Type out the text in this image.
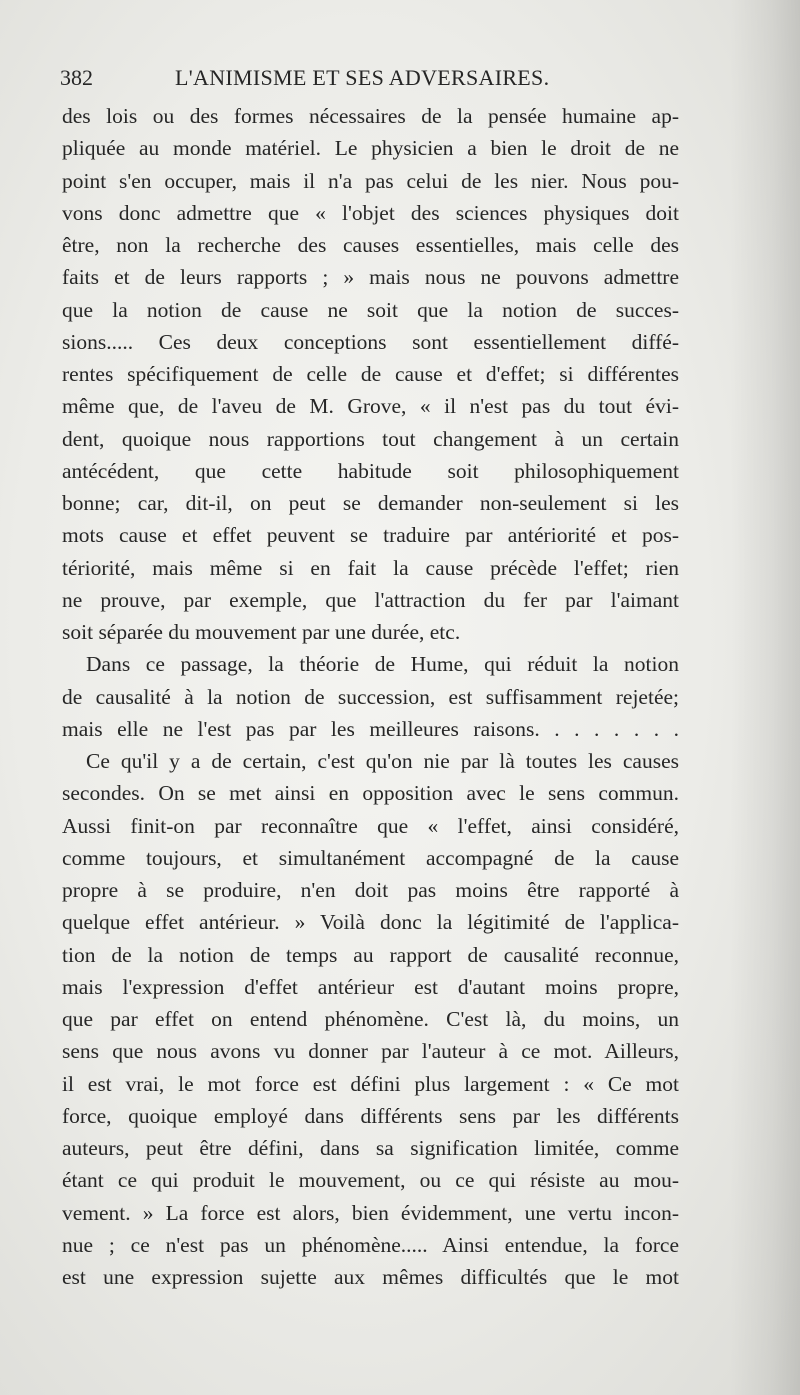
382	L'ANIMISME ET SES ADVERSAIRES.
des lois ou des formes nécessaires de la pensée humaine ap-
pliquée au monde matériel. Le physicien a bien le droit de ne
point s'en occuper, mais il n'a pas celui de les nier. Nous pou-
vons donc admettre que « l'objet des sciences physiques doit
être, non la recherche des causes essentielles, mais celle des
faits et de leurs rapports ; » mais nous ne pouvons admettre
que la notion de cause ne soit que la notion de succes-
sions..... Ces deux conceptions sont essentiellement diffé-
rentes spécifiquement de celle de cause et d'effet; si différentes
même que, de l'aveu de M. Grove, « il n'est pas du tout évi-
dent, quoique nous rapportions tout changement à un certain
antécédent, que cette habitude soit philosophiquement
bonne; car, dit-il, on peut se demander non-seulement si les
mots cause et effet peuvent se traduire par antériorité et pos-
tériorité, mais même si en fait la cause précède l'effet; rien
ne prouve, par exemple, que l'attraction du fer par l'aimant
soit séparée du mouvement par une durée, etc.
Dans ce passage, la théorie de Hume, qui réduit la notion
de causalité à la notion de succession, est suffisamment rejetée;
mais elle ne l'est pas par les meilleures raisons. . . . . . . .
Ce qu'il y a de certain, c'est qu'on nie par là toutes les causes
secondes. On se met ainsi en opposition avec le sens commun.
Aussi finit-on par reconnaître que « l'effet, ainsi considéré,
comme toujours, et simultanément accompagné de la cause
propre à se produire, n'en doit pas moins être rapporté à
quelque effet antérieur. » Voilà donc la légitimité de l'applica-
tion de la notion de temps au rapport de causalité reconnue,
mais l'expression d'effet antérieur est d'autant moins propre,
que par effet on entend phénomène. C'est là, du moins, un
sens que nous avons vu donner par l'auteur à ce mot. Ailleurs,
il est vrai, le mot force est défini plus largement : « Ce mot
force, quoique employé dans différents sens par les différents
auteurs, peut être défini, dans sa signification limitée, comme
étant ce qui produit le mouvement, ou ce qui résiste au mou-
vement. » La force est alors, bien évidemment, une vertu incon-
nue ; ce n'est pas un phénomène..... Ainsi entendue, la force
est une expression sujette aux mêmes difficultés que le mot
